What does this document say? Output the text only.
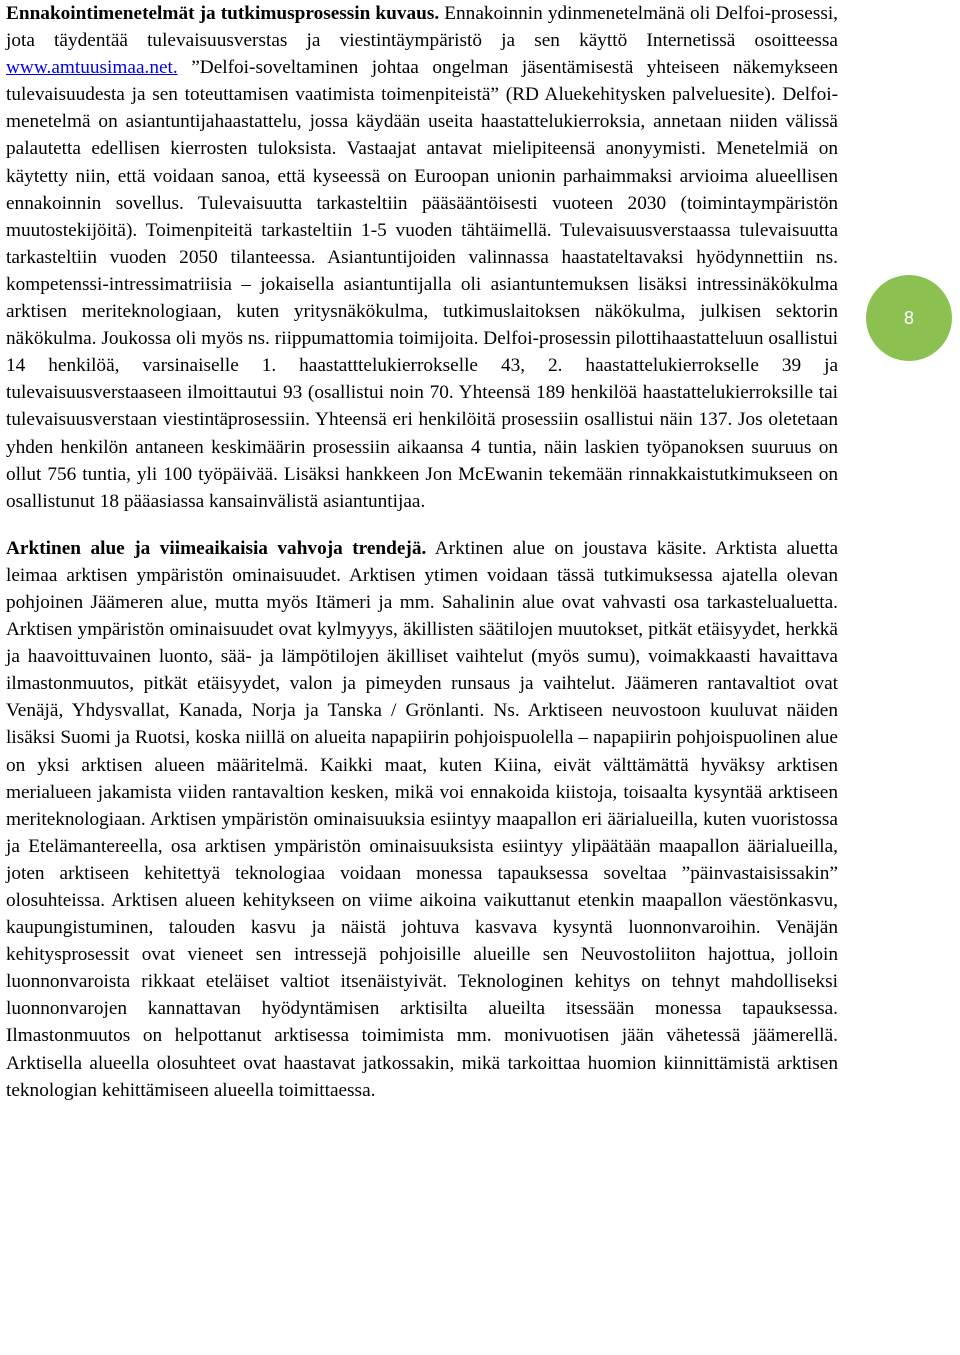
Ennakointimenetelmät ja tutkimusprosessin kuvaus. Ennakoinnin ydinmenetelmänä oli Delfoi-prosessi, jota täydentää tulevaisuusverstas ja viestintäympäristö ja sen käyttö Internetissä osoitteessa www.amtuusimaa.net. ”Delfoi-soveltaminen johtaa ongelman jäsentämisestä yhteiseen näkemykseen tulevaisuudesta ja sen toteuttamisen vaatimista toimenpiteistä” (RD Aluekehitysken palveluesite). Delfoi-menetelmä on asiantuntijahaastattelu, jossa käydään useita haastattelukierroksia, annetaan niiden välissä palautetta edellisen kierrosten tuloksista. Vastaajat antavat mielipiteensä anonyymisti. Menetelmiä on käytetty niin, että voidaan sanoa, että kyseessä on Euroopan unionin parhaimmaksi arvioima alueellisen ennakoinnin sovellus. Tulevaisuutta tarkasteltiin pääsääntöisesti vuoteen 2030 (toimintaympäristön muutostekijöitä). Toimenpiteitä tarkasteltiin 1-5 vuoden tähtäimellä. Tulevaisuusverstaassa tulevaisuutta tarkasteltiin vuoden 2050 tilanteessa. Asiantuntijoiden valinnassa haastateltavaksi hyödynnettiin ns. kompetenssi-intressimatriisia – jokaisella asiantuntijalla oli asiantuntemuksen lisäksi intressinäkökulma arktisen meriteknologiaan, kuten yritysnäkökulma, tutkimuslaitoksen näkökulma, julkisen sektorin näkökulma. Joukossa oli myös ns. riippumattomia toimijoita. Delfoi-prosessin pilottihaastatteluun osallistui 14 henkilöä, varsinaiselle 1. haastatttelukierrokselle 43, 2. haastattelukierrokselle 39 ja tulevaisuusverstaaseen ilmoittautui 93 (osallistui noin 70. Yhteensä 189 henkilöä haastattelukierroksille tai tulevaisuusverstaan viestintäprosessiin. Yhteensä eri henkilöitä prosessiin osallistui näin 137. Jos oletetaan yhden henkilön antaneen keskimäärin prosessiin aikaansa 4 tuntia, näin laskien työpanoksen suuruus on ollut 756 tuntia, yli 100 työpäivää. Lisäksi hankkeen Jon McEwanin tekemään rinnakkaistutkimukseen on osallistunut 18 pääasiassa kansainvälistä asiantuntijaa.

Arktinen alue ja viimeaikaisia vahvoja trendejä. Arktinen alue on joustava käsite. Arktista aluetta leimaa arktisen ympäristön ominaisuudet. Arktisen ytimen voidaan tässä tutkimuksessa ajatella olevan pohjoinen Jäämeren alue, mutta myös Itämeri ja mm. Sahalinin alue ovat vahvasti osa tarkastelualuetta. Arktisen ympäristön ominaisuudet ovat kylmyyys, äkillisten säätilojen muutokset, pitkät etäisyydet, herkkä ja haavoittuvainen luonto, sää- ja lämpötilojen äkilliset vaihtelut (myös sumu), voimakkaasti havaittava ilmastonmuutos, pitkät etäisyydet, valon ja pimeyden runsaus ja vaihtelut. Jäämeren rantavaltiot ovat Venäjä, Yhdysvallat, Kanada, Norja ja Tanska / Grönlanti. Ns. Arktiseen neuvostoon kuuluvat näiden lisäksi Suomi ja Ruotsi, koska niillä on alueita napapiirin pohjoispuolella – napapiirin pohjoispuolinen alue on yksi arktisen alueen määritelmä. Kaikki maat, kuten Kiina, eivät välttämättä hyväksy arktisen merialueen jakamista viiden rantavaltion kesken, mikä voi ennakoida kiistoja, toisaalta kysyntää arktiseen meriteknologiaan. Arktisen ympäristön ominaisuuksia esiintyy maapallon eri äärialueilla, kuten vuoristossa ja Etelämantereella, osa arktisen ympäristön ominaisuuksista esiintyy ylipäätään maapallon äärialueilla, joten arktiseen kehitettyä teknologiaa voidaan monessa tapauksessa soveltaa ”päinvastaisissakin” olosuhteissa. Arktisen alueen kehitykseen on viime aikoina vaikuttanut etenkin maapallon väestönkasvu, kaupungistuminen, talouden kasvu ja näistä johtuva kasvava kysyntä luonnonvaroihin. Venäjän kehitysprosessit ovat vieneet sen intressejä pohjoisille alueille sen Neuvostoliiton hajottua, jolloin luonnonvaroista rikkaat eteläiset valtiot itsenäistyivät. Teknologinen kehitys on tehnyt mahdolliseksi luonnonvarojen kannattavan hyödyntämisen arktisilta alueilta itsessään monessa tapauksessa. Ilmastonmuutos on helpottanut arktisessa toimimista mm. monivuotisen jään vähetessä jäämerellä. Arktisella alueella olosuhteet ovat haastavat jatkossakin, mikä tarkoittaa huomion kiinnittämistä arktisen teknologian kehittämiseen alueella toimittaessa.

8
